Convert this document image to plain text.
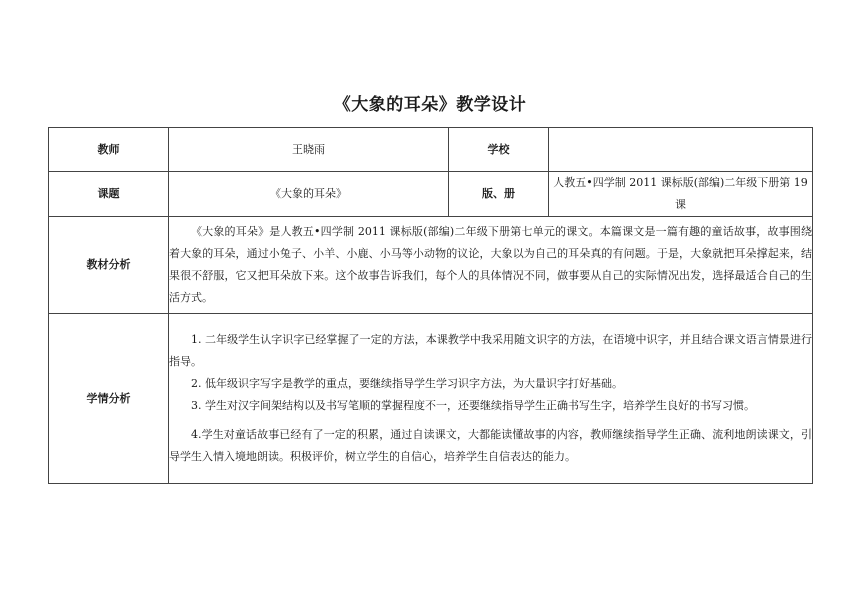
《大象的耳朵》教学设计
教师	王晓雨	学校	
课题	《大象的耳朵》	版、册	人教五•四学制 2011 课标版(部编)二年级下册第 19 课
教材分析	《大象的耳朵》是人教五•四学制 2011 课标版(部编)二年级下册第七单元的课文。本篇课文是一篇有趣的童话故事，故事围绕着大象的耳朵，通过小兔子、小羊、小鹿、小马等小动物的议论，大象以为自己的耳朵真的有问题。于是，大象就把耳朵撑起来，结果很不舒服，它又把耳朵放下来。这个故事告诉我们，每个人的具体情况不同，做事要从自己的实际情况出发，选择最适合自己的生活方式。		

学情分析	1. 二年级学生认字识字已经掌握了一定的方法，本课教学中我采用随文识字的方法，在语境中识字，并且结合课文语言情景进行指导。

2. 低年级识字写字是教学的重点，要继续指导学生学习识字方法，为大量识字打好基础。

3. 学生对汉字间架结构以及书写笔顺的掌握程度不一，还要继续指导学生正确书写生字，培养学生良好的书写习惯。

4.学生对童话故事已经有了一定的积累，通过自读课文，大都能读懂故事的内容，教师继续指导学生正确、流利地朗读课文，引导学生入情入境地朗读。积极评价，树立学生的自信心，培养学生自信表达的能力。		
